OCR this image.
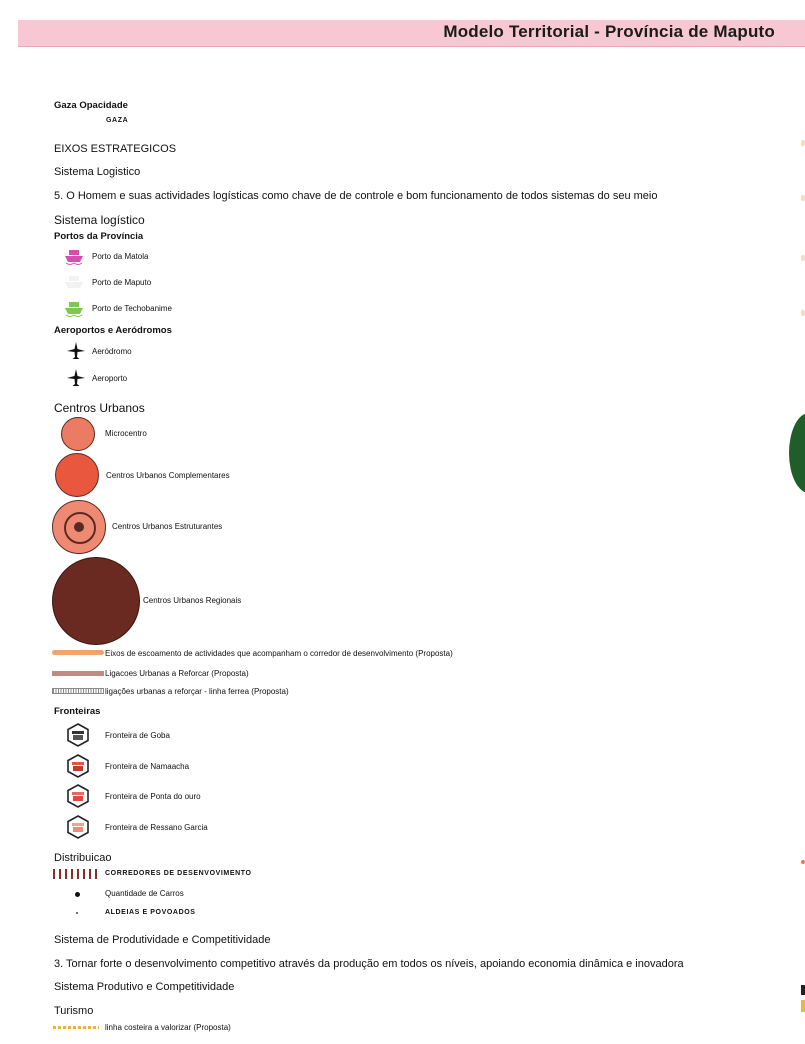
Modelo Territorial - Província de Maputo
Gaza Opacidade
GAZA
EIXOS ESTRATEGICOS
Sistema Logistico
5. O Homem e suas actividades logísticas como chave de de controle e bom funcionamento de todos sistemas do seu meio
Sistema logístico
Portos da Província
Porto da Matola
Porto de Maputo
Porto de Techobanime
Aeroportos e Aeródromos
Aeródromo
Aeroporto
Centros Urbanos
Microcentro
Centros Urbanos Complementares
Centros Urbanos Estruturantes
Centros Urbanos Regionais
Eixos de escoamento de actividades que acompanham o corredor de desenvolvimento (Proposta)
Ligacoes Urbanas a Reforcar (Proposta)
ligações urbanas a reforçar - linha ferrea (Proposta)
Fronteiras
Fronteira de Goba
Fronteira de Namaacha
Fronteira de Ponta do ouro
Fronteira de Ressano Garcia
Distribuicao
CORREDORES DE DESENVOVIMENTO
Quantidade de Carros
ALDEIAS E POVOADOS
Sistema de Produtividade e Competitividade
3. Tornar forte o desenvolvimento competitivo através da produção em todos os níveis, apoiando economia dinâmica e inovadora
Sistema Produtivo e Competitividade
Turismo
linha costeira a valorizar (Proposta)
